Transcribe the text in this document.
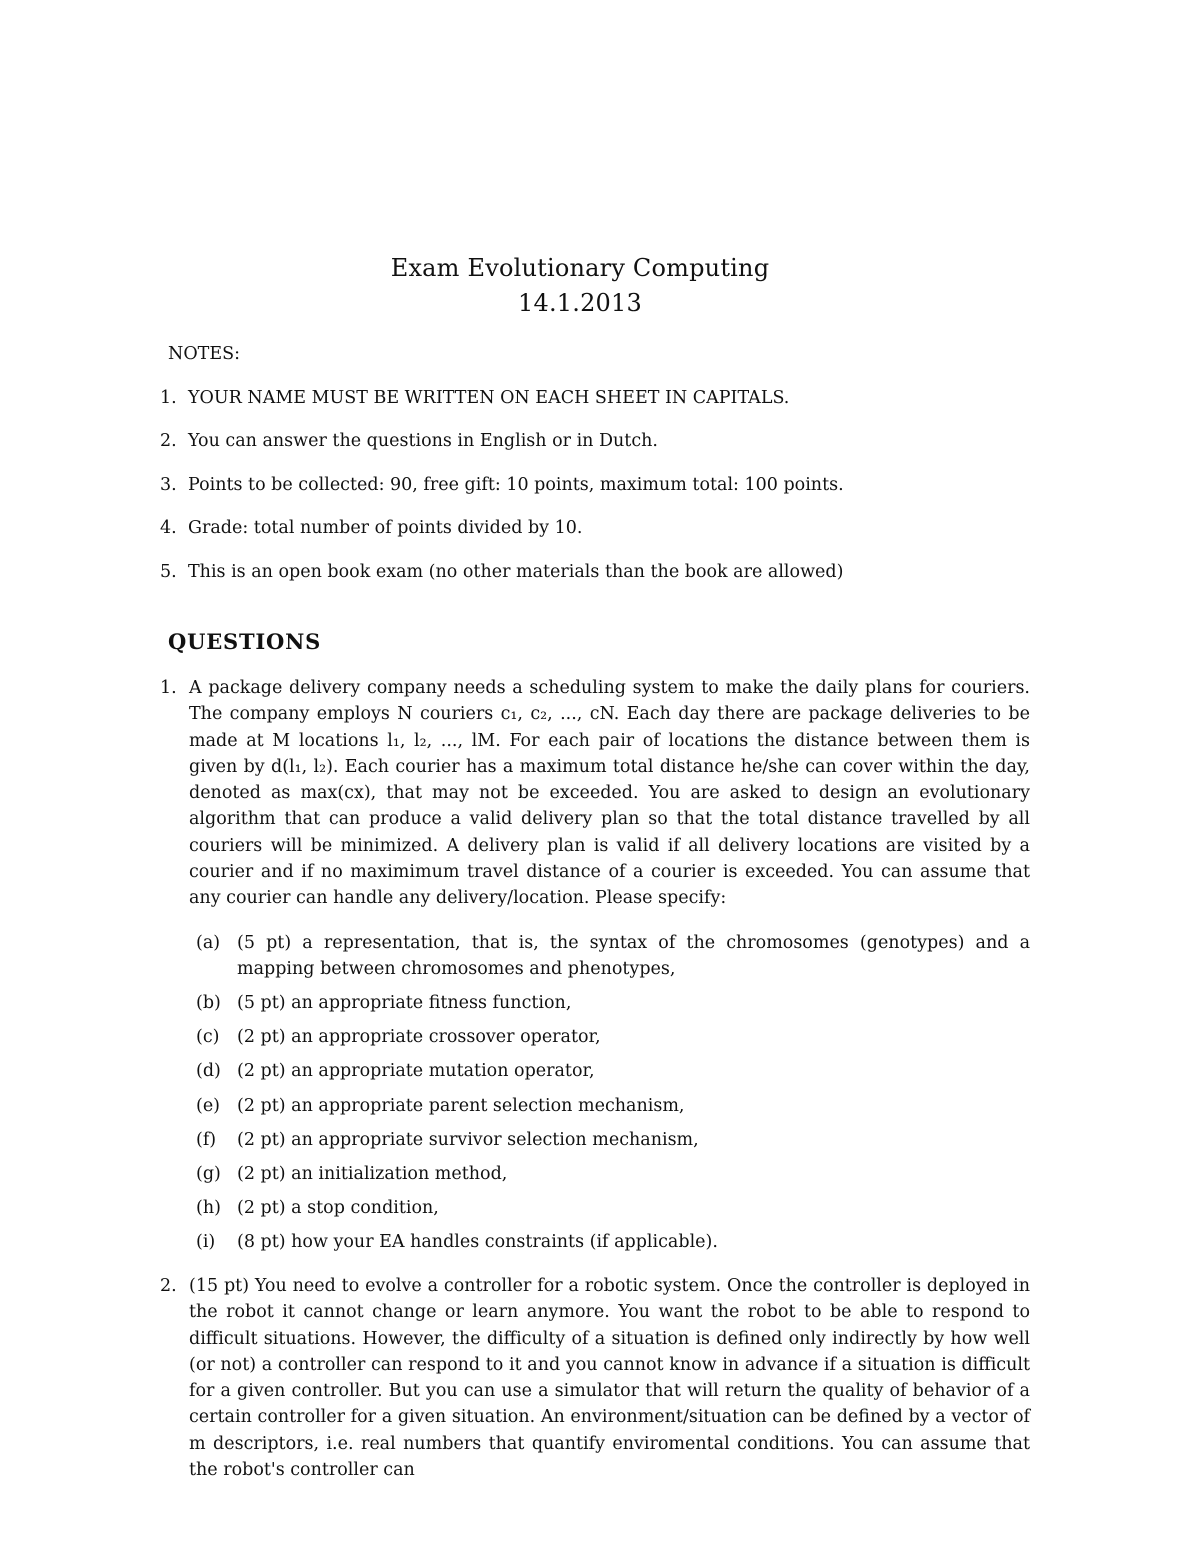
Exam Evolutionary Computing
14.1.2013
NOTES:
1. YOUR NAME MUST BE WRITTEN ON EACH SHEET IN CAPITALS.
2. You can answer the questions in English or in Dutch.
3. Points to be collected: 90, free gift: 10 points, maximum total: 100 points.
4. Grade: total number of points divided by 10.
5. This is an open book exam (no other materials than the book are allowed)
QUESTIONS
1. A package delivery company needs a scheduling system to make the daily plans for couriers. The company employs N couriers c₁, c₂, ..., cN. Each day there are package deliveries to be made at M locations l₁, l₂, ..., lM. For each pair of locations the distance between them is given by d(l₁, l₂). Each courier has a maximum total distance he/she can cover within the day, denoted as max(cx), that may not be exceeded. You are asked to design an evolutionary algorithm that can produce a valid delivery plan so that the total distance travelled by all couriers will be minimized. A delivery plan is valid if all delivery locations are visited by a courier and if no maximimum travel distance of a courier is exceeded. You can assume that any courier can handle any delivery/location. Please specify:
(a) (5 pt) a representation, that is, the syntax of the chromosomes (genotypes) and a mapping between chromosomes and phenotypes,
(b) (5 pt) an appropriate fitness function,
(c)	(2 pt) an appropriate crossover operator,
(d) (2 pt) an appropriate mutation operator,
(e) (2 pt) an appropriate parent selection mechanism,
(f)	(2 pt) an appropriate survivor selection mechanism,
(g) (2 pt) an initialization method,
(h) (2 pt) a stop condition,
(i)	(8 pt) how your EA handles constraints (if applicable).
2. (15 pt) You need to evolve a controller for a robotic system. Once the controller is deployed in the robot it cannot change or learn anymore. You want the robot to be able to respond to difficult situations. However, the difficulty of a situation is defined only indirectly by how well (or not) a controller can respond to it and you cannot know in advance if a situation is difficult for a given controller. But you can use a simulator that will return the quality of behavior of a certain controller for a given situation. An environment/situation can be defined by a vector of m descriptors, i.e. real numbers that quantify enviromental conditions. You can assume that the robot's controller can
